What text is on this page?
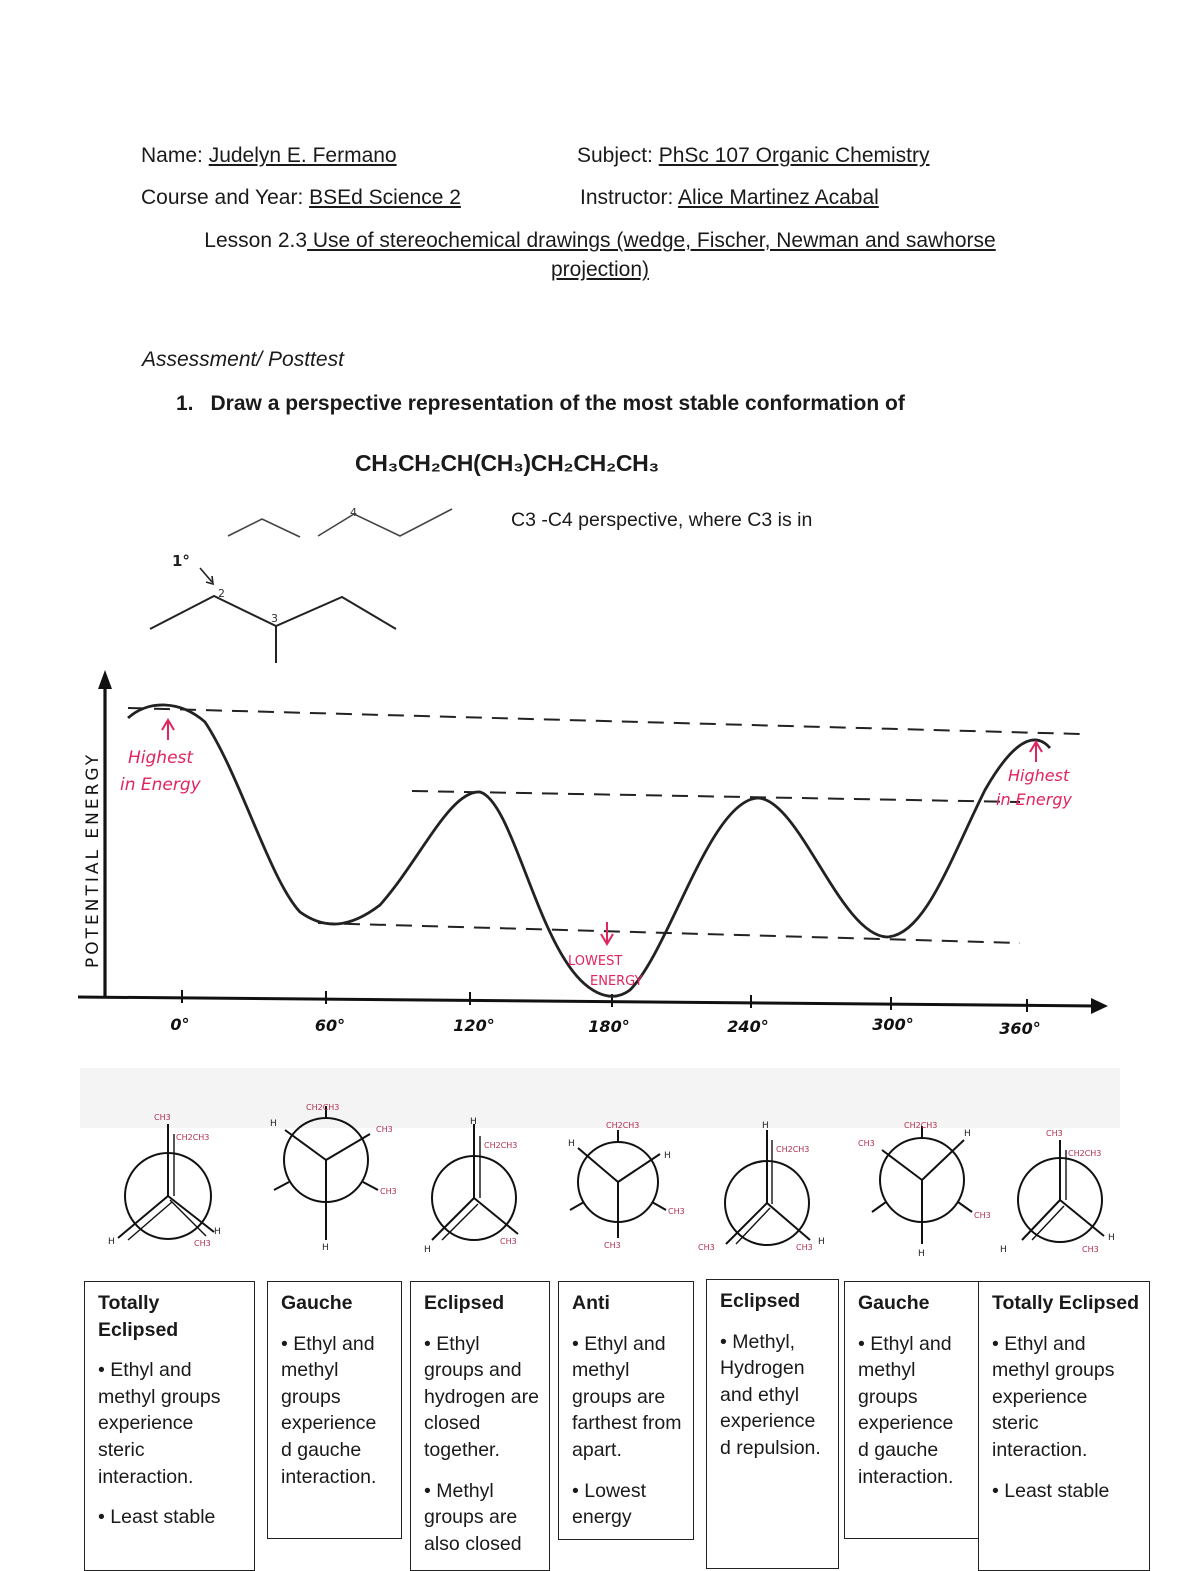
Name: Judelyn E. Fermano	Subject: PhSc 107 Organic Chemistry
Course and Year: BSEd Science 2	Instructor: Alice Martinez Acabal
Lesson 2.3 Use of stereochemical drawings (wedge, Fischer, Newman and sawhorse
projection)
Assessment/ Posttest
1. Draw a perspective representation of the most stable conformation of
CH₃CH₂CH(CH₃)CH₂CH₂CH₃
C3 -C4 perspective, where C3 is in
4
1°
2
3
Highest
in Energy	Highest
in Energy
LOWEST
ENERGY
POTENTIAL ENERGY
0°	60°	120°	180°	240°	300°	360°
CH3
CH2CH3
CH3
CH2CH3
CH3
CH3
CH2CH3
CH3
CH2CH3
CH3
CH3
CH2CH3
CH3
CH3
CH2CH3
CH3
CH3
CH3
CH2CH3
CH3
H
H
H
H
H
H
H
H
H
H
H
H	H
H
Totally Eclipsed
• Ethyl and methyl groups experience steric interaction.
• Least stable
Gauche
• Ethyl and methyl groups experience d gauche interaction.
Eclipsed
• Ethyl groups and hydrogen are closed together.
• Methyl groups are also closed
Anti
• Ethyl and methyl groups are farthest from apart.
• Lowest energy
Eclipsed
• Methyl, Hydrogen and ethyl experience d repulsion.
Gauche
• Ethyl and methyl groups experience d gauche interaction.
Totally Eclipsed
• Ethyl and methyl groups experience steric interaction.
• Least stable
